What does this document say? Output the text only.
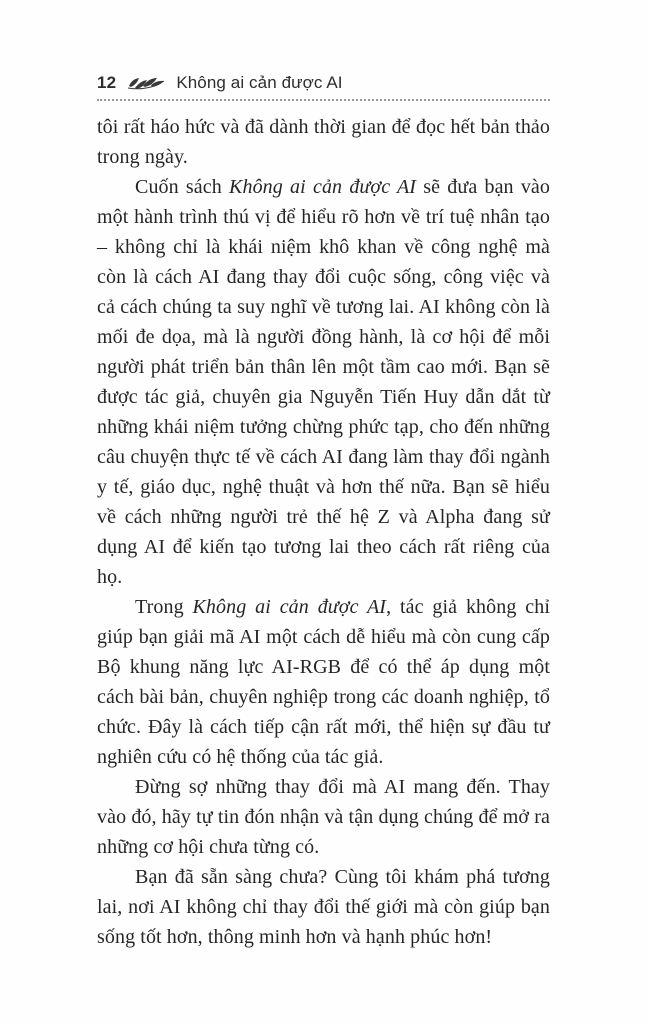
12	Không ai cản được AI

tôi rất háo hức và đã dành thời gian để đọc hết bản thảo trong ngày.

Cuốn sách Không ai cản được AI sẽ đưa bạn vào một hành trình thú vị để hiểu rõ hơn về trí tuệ nhân tạo – không chỉ là khái niệm khô khan về công nghệ mà còn là cách AI đang thay đổi cuộc sống, công việc và cả cách chúng ta suy nghĩ về tương lai. AI không còn là mối đe dọa, mà là người đồng hành, là cơ hội để mỗi người phát triển bản thân lên một tầm cao mới. Bạn sẽ được tác giả, chuyên gia Nguyễn Tiến Huy dẫn dắt từ những khái niệm tưởng chừng phức tạp, cho đến những câu chuyện thực tế về cách AI đang làm thay đổi ngành y tế, giáo dục, nghệ thuật và hơn thế nữa. Bạn sẽ hiểu về cách những người trẻ thế hệ Z và Alpha đang sử dụng AI để kiến tạo tương lai theo cách rất riêng của họ.

Trong Không ai cản được AI, tác giả không chỉ giúp bạn giải mã AI một cách dễ hiểu mà còn cung cấp Bộ khung năng lực AI-RGB để có thể áp dụng một cách bài bản, chuyên nghiệp trong các doanh nghiệp, tổ chức. Đây là cách tiếp cận rất mới, thể hiện sự đầu tư nghiên cứu có hệ thống của tác giả.

Đừng sợ những thay đổi mà AI mang đến. Thay vào đó, hãy tự tin đón nhận và tận dụng chúng để mở ra những cơ hội chưa từng có.

Bạn đã sẵn sàng chưa? Cùng tôi khám phá tương lai, nơi AI không chỉ thay đổi thế giới mà còn giúp bạn sống tốt hơn, thông minh hơn và hạnh phúc hơn!
